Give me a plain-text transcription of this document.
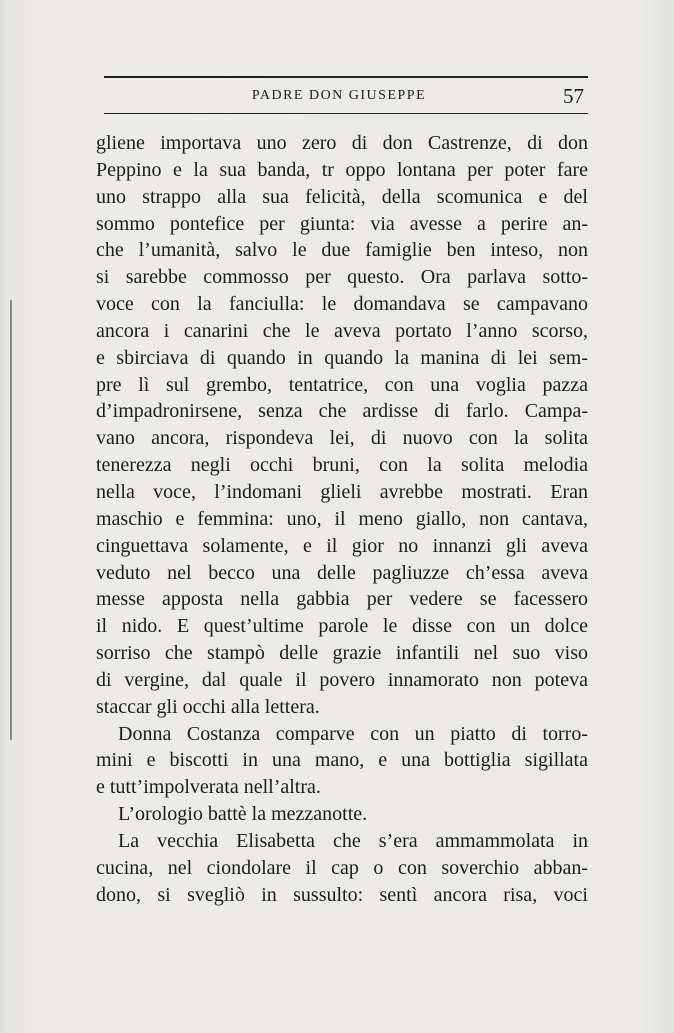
PADRE DON GIUSEPPE	57
gliene importava uno zero di don Castrenze, di don
Peppino e la sua banda, tr oppo lontana per poter fare
uno strappo alla sua felicità, della scomunica e del
sommo pontefice per giunta: via avesse a perire an-
che l’umanità, salvo le due famiglie ben inteso, non
si sarebbe commosso per questo. Ora parlava sotto-
voce con la fanciulla: le domandava se campavano
ancora i canarini che le aveva portato l’anno scorso,
e sbirciava di quando in quando la manina di lei sem-
pre lì sul grembo, tentatrice, con una voglia pazza
d’impadronirsene, senza che ardisse di farlo. Campa-
vano ancora, rispondeva lei, di nuovo con la solita
tenerezza negli occhi bruni, con la solita melodia
nella voce, l’indomani glieli avrebbe mostrati. Eran
maschio e femmina: uno, il meno giallo, non cantava,
cinguettava solamente, e il gior no innanzi gli aveva
veduto nel becco una delle pagliuzze ch’essa aveva
messe apposta nella gabbia per vedere se facessero
il nido. E quest’ultime parole le disse con un dolce
sorriso che stampò delle grazie infantili nel suo viso
di vergine, dal quale il povero innamorato non poteva
staccar gli occhi alla lettera.
Donna Costanza comparve con un piatto di torro-
mini e biscotti in una mano, e una bottiglia sigillata
e tutt’impolverata nell’altra.
L’orologio battè la mezzanotte.
La vecchia Elisabetta che s’era ammammolata in
cucina, nel ciondolare il cap o con soverchio abban-
dono, si svegliò in sussulto: sentì ancora risa, voci
